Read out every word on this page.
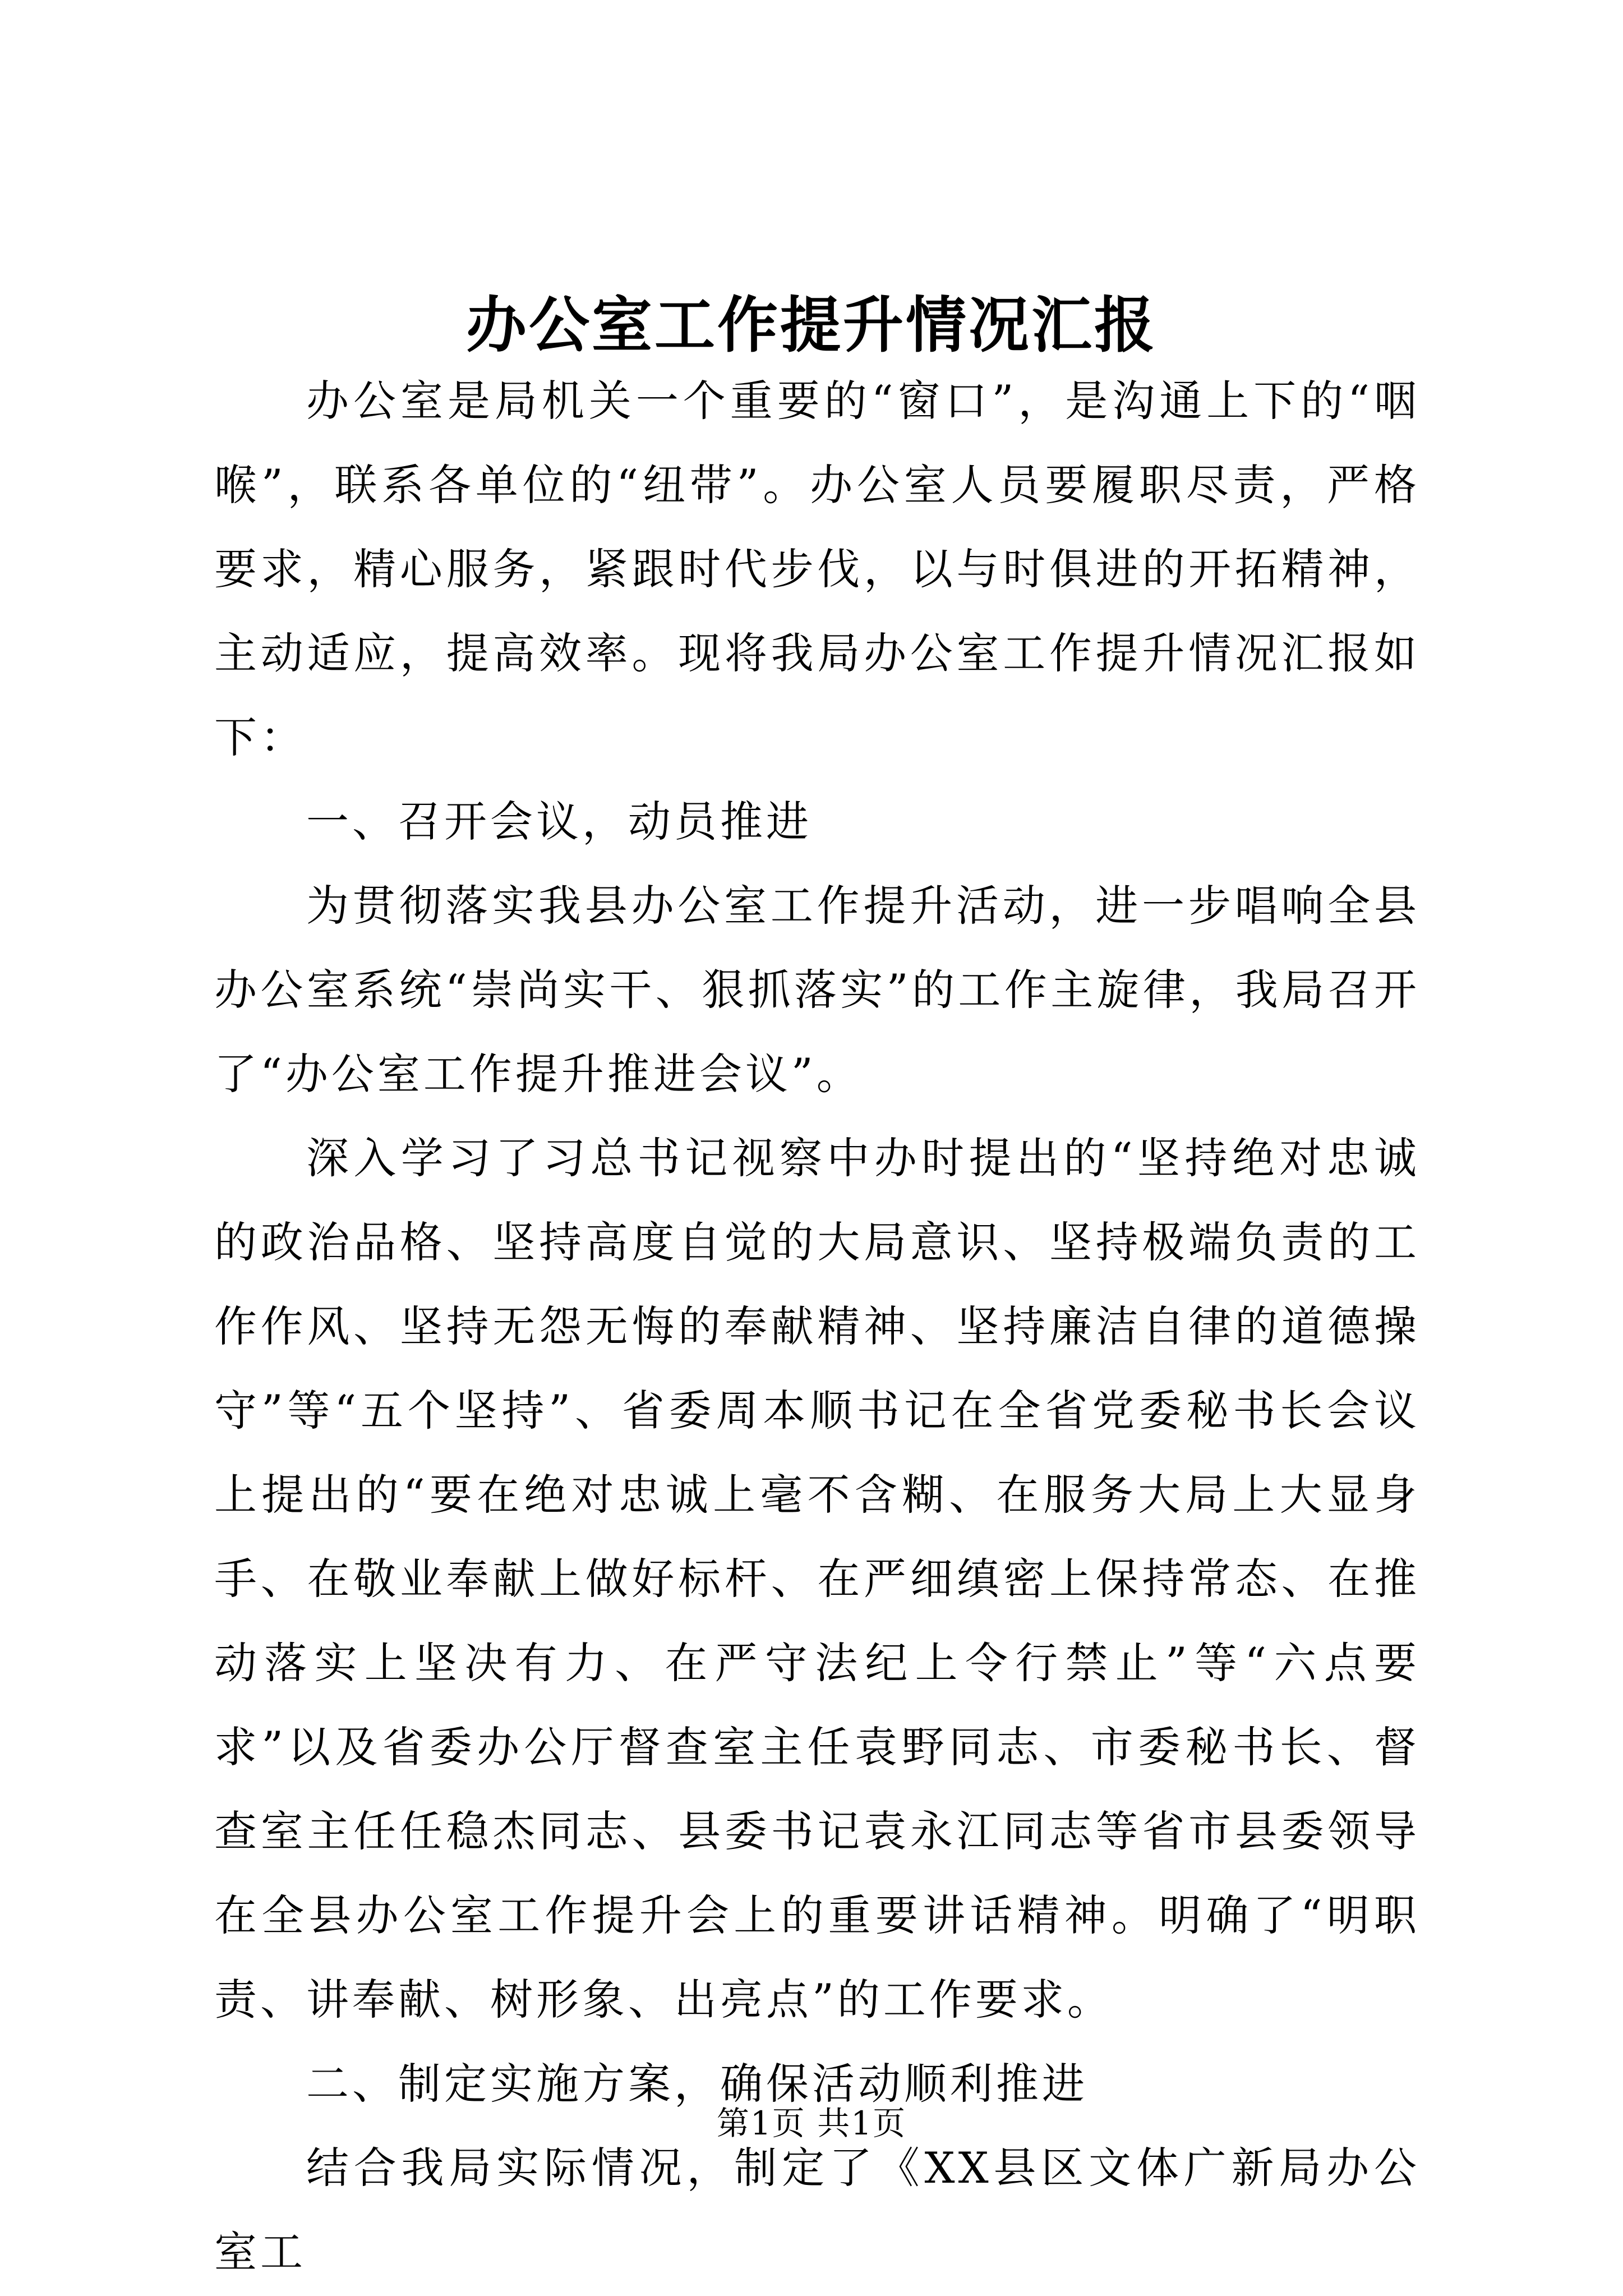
办公室工作提升情况汇报

办公室是局机关一个重要的“窗口”，是沟通上下的“咽喉”，联系各单位的“纽带”。办公室人员要履职尽责，严格要求，精心服务，紧跟时代步伐，以与时俱进的开拓精神，主动适应，提高效率。现将我局办公室工作提升情况汇报如下：

一、召开会议，动员推进

为贯彻落实我县办公室工作提升活动，进一步唱响全县办公室系统“崇尚实干、狠抓落实”的工作主旋律，我局召开了“办公室工作提升推进会议”。

深入学习了习总书记视察中办时提出的“坚持绝对忠诚的政治品格、坚持高度自觉的大局意识、坚持极端负责的工作作风、坚持无怨无悔的奉献精神、坚持廉洁自律的道德操守”等“五个坚持”、省委周本顺书记在全省党委秘书长会议上提出的“要在绝对忠诚上毫不含糊、在服务大局上大显身手、在敬业奉献上做好标杆、在严细缜密上保持常态、在推动落实上坚决有力、在严守法纪上令行禁止”等“六点要求”以及省委办公厅督查室主任袁野同志、市委秘书长、督查室主任任稳杰同志、县委书记袁永江同志等省市县委领导在全县办公室工作提升会上的重要讲话精神。明确了“明职责、讲奉献、树形象、出亮点”的工作要求。

二、制定实施方案，确保活动顺利推进

结合我局实际情况，制定了《XX县区文体广新局办公室工

第1页 共1页
